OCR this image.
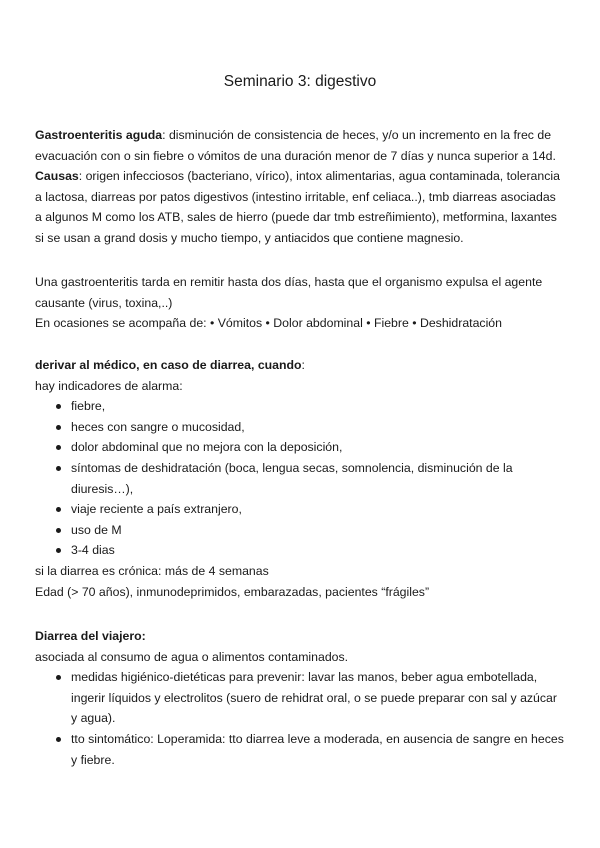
Seminario 3: digestivo

Gastroenteritis aguda: disminución de consistencia de heces, y/o un incremento en la frec de evacuación con o sin fiebre o vómitos de una duración menor de 7 días y nunca superior a 14d.

Causas: origen infecciosos (bacteriano, vírico), intox alimentarias, agua contaminada, tolerancia a lactosa, diarreas por patos digestivos (intestino irritable, enf celiaca..), tmb diarreas asociadas a algunos M como los ATB, sales de hierro (puede dar tmb estreñimiento), metformina, laxantes si se usan a grand dosis y mucho tiempo, y antiacidos que contiene magnesio.

Una gastroenteritis tarda en remitir hasta dos días, hasta que el organismo expulsa el agente causante (virus, toxina,..)

En ocasiones se acompaña de: • Vómitos • Dolor abdominal • Fiebre • Deshidratación

derivar al médico, en caso de diarrea, cuando:

hay indicadores de alarma:

fiebre,
heces con sangre o mucosidad,
dolor abdominal que no mejora con la deposición,
síntomas de deshidratación (boca, lengua secas, somnolencia, disminución de la diuresis…),
viaje reciente a país extranjero,
uso de M
3-4 dias

si la diarrea es crónica: más de 4 semanas

Edad (> 70 años), inmunodeprimidos, embarazadas, pacientes “frágiles”

Diarrea del viajero:

asociada al consumo de agua o alimentos contaminados.

medidas higiénico-dietéticas para prevenir: lavar las manos, beber agua embotellada, ingerir líquidos y electrolitos (suero de rehidrat oral, o se puede preparar con sal y azúcar y agua).
tto sintomático: Loperamida: tto diarrea leve a moderada, en ausencia de sangre en heces y fiebre.
